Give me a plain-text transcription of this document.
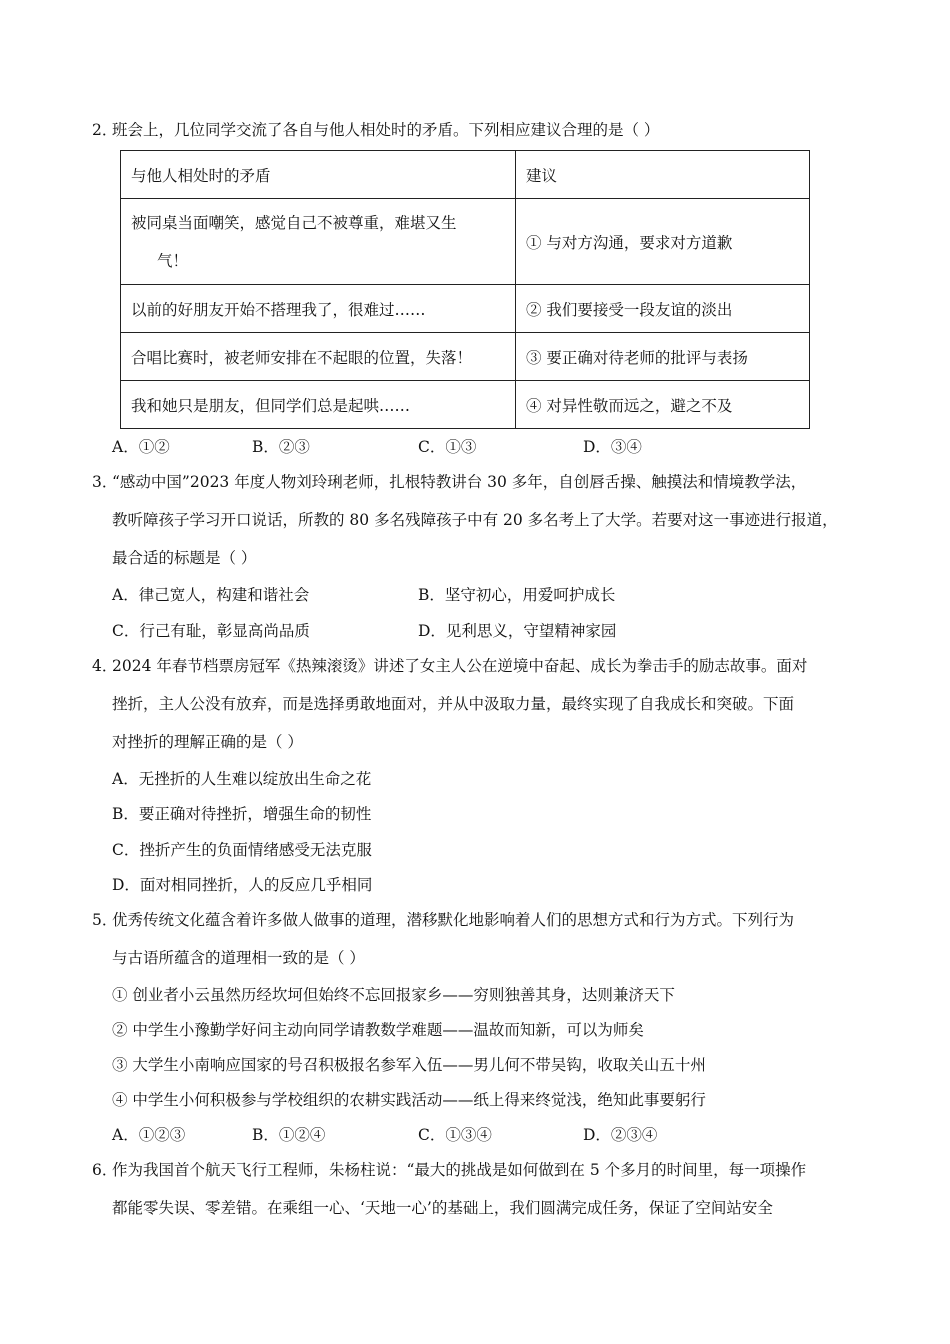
2．
班会上，几位同学交流了各自与他人相处时的矛盾。下列相应建议合理的是（ ）
与他人相处时的矛盾	建议

被同桌当面嘲笑，感觉自己不被尊重，难堪又生
气！	① 与对方沟通，要求对方道歉
以前的好朋友开始不搭理我了，很难过……	② 我们要接受一段友谊的淡出
合唱比赛时，被老师安排在不起眼的位置，失落！	③ 要正确对待老师的批评与表扬
我和她只是朋友，但同学们总是起哄……	④ 对异性敬而远之，避之不及
A．①②	B．②③	C．①③	D．③④
3．
“感动中国”2023 年度人物刘玲琍老师，扎根特教讲台 30 多年，自创唇舌操、触摸法和情境教学法，
教听障孩子学习开口说话，所教的 80 多名残障孩子中有 20 多名考上了大学。若要对这一事迹进行报道，
最合适的标题是（ ）
A．律己宽人，构建和谐社会	B．坚守初心，用爱呵护成长
C．行己有耻，彰显高尚品质	D．见利思义，守望精神家园
4．
2024 年春节档票房冠军《热辣滚烫》讲述了女主人公在逆境中奋起、成长为拳击手的励志故事。面对
挫折，主人公没有放弃，而是选择勇敢地面对，并从中汲取力量，最终实现了自我成长和突破。下面
对挫折的理解正确的是（ ）
A．无挫折的人生难以绽放出生命之花
B．要正确对待挫折，增强生命的韧性
C．挫折产生的负面情绪感受无法克服
D．面对相同挫折，人的反应几乎相同
5．
优秀传统文化蕴含着许多做人做事的道理，潜移默化地影响着人们的思想方式和行为方式。下列行为
与古语所蕴含的道理相一致的是（ ）
① 创业者小云虽然历经坎坷但始终不忘回报家乡——穷则独善其身，达则兼济天下
② 中学生小豫勤学好问主动向同学请教数学难题——温故而知新，可以为师矣
③ 大学生小南响应国家的号召积极报名参军入伍——男儿何不带吴钩，收取关山五十州
④ 中学生小何积极参与学校组织的农耕实践活动——纸上得来终觉浅，绝知此事要躬行
A．①②③	B．①②④	C．①③④	D．②③④
6．
作为我国首个航天飞行工程师，朱杨柱说：“最大的挑战是如何做到在 5 个多月的时间里，每一项操作
都能零失误、零差错。在乘组一心、‘天地一心’的基础上，我们圆满完成任务，保证了空间站安全
